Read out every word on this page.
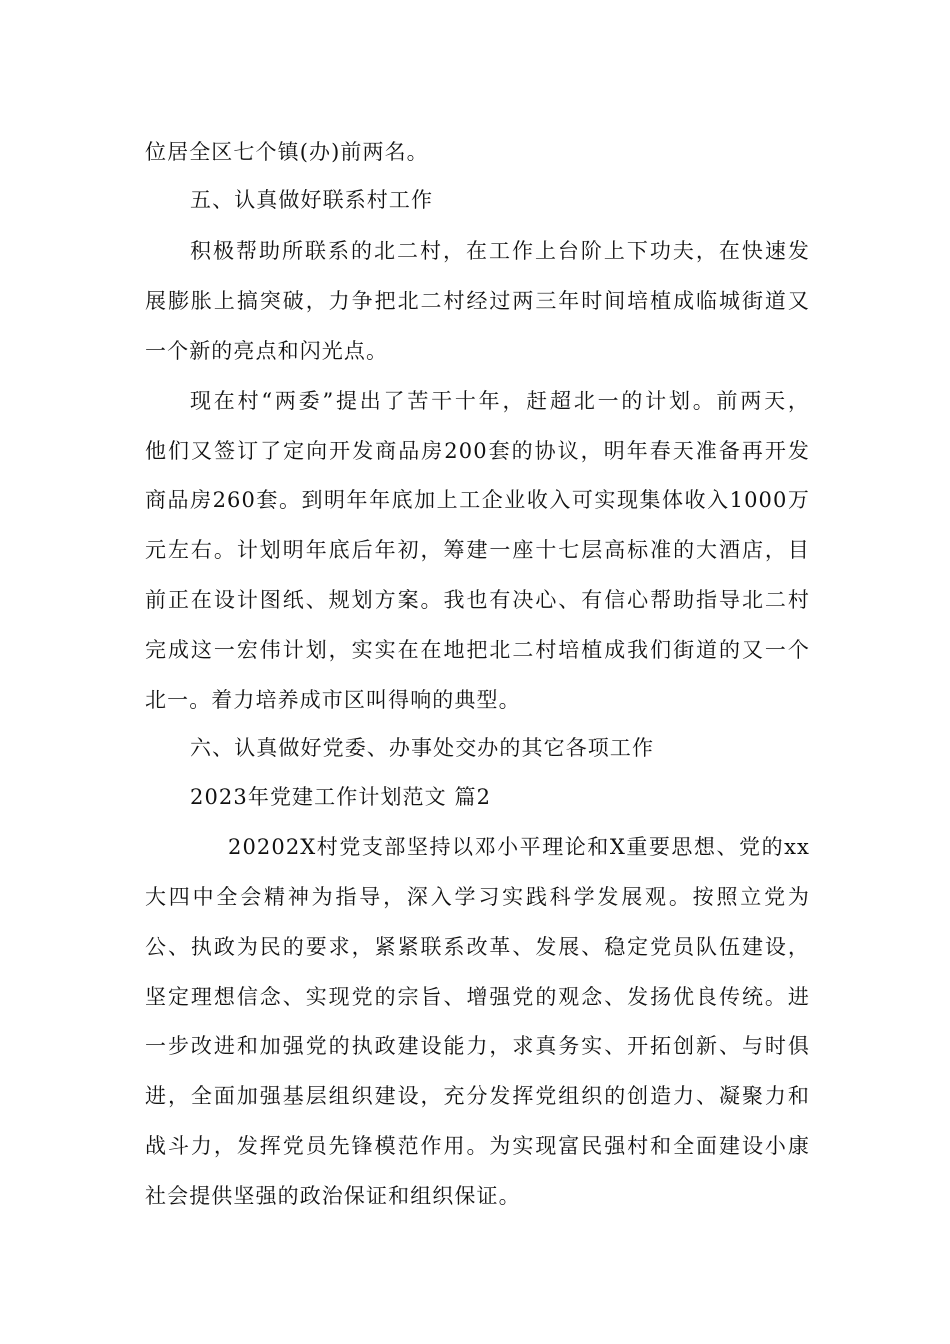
位居全区七个镇(办)前两名。
五、认真做好联系村工作
积极帮助所联系的北二村，在工作上台阶上下功夫，在快速发
展膨胀上搞突破，力争把北二村经过两三年时间培植成临城街道又
一个新的亮点和闪光点。
现在村“两委”提出了苦干十年，赶超北一的计划。前两天，
他们又签订了定向开发商品房200套的协议，明年春天准备再开发
商品房260套。到明年年底加上工企业收入可实现集体收入1000万
元左右。计划明年底后年初，筹建一座十七层高标准的大酒店，目
前正在设计图纸、规划方案。我也有决心、有信心帮助指导北二村
完成这一宏伟计划，实实在在地把北二村培植成我们街道的又一个
北一。着力培养成市区叫得响的典型。
六、认真做好党委、办事处交办的其它各项工作
2023年党建工作计划范文 篇2
20202X村党支部坚持以邓小平理论和X重要思想、党的xx
大四中全会精神为指导，深入学习实践科学发展观。按照立党为
公、执政为民的要求，紧紧联系改革、发展、稳定党员队伍建设，
坚定理想信念、实现党的宗旨、增强党的观念、发扬优良传统。进
一步改进和加强党的执政建设能力，求真务实、开拓创新、与时俱
进，全面加强基层组织建设，充分发挥党组织的创造力、凝聚力和
战斗力，发挥党员先锋模范作用。为实现富民强村和全面建设小康
社会提供坚强的政治保证和组织保证。
